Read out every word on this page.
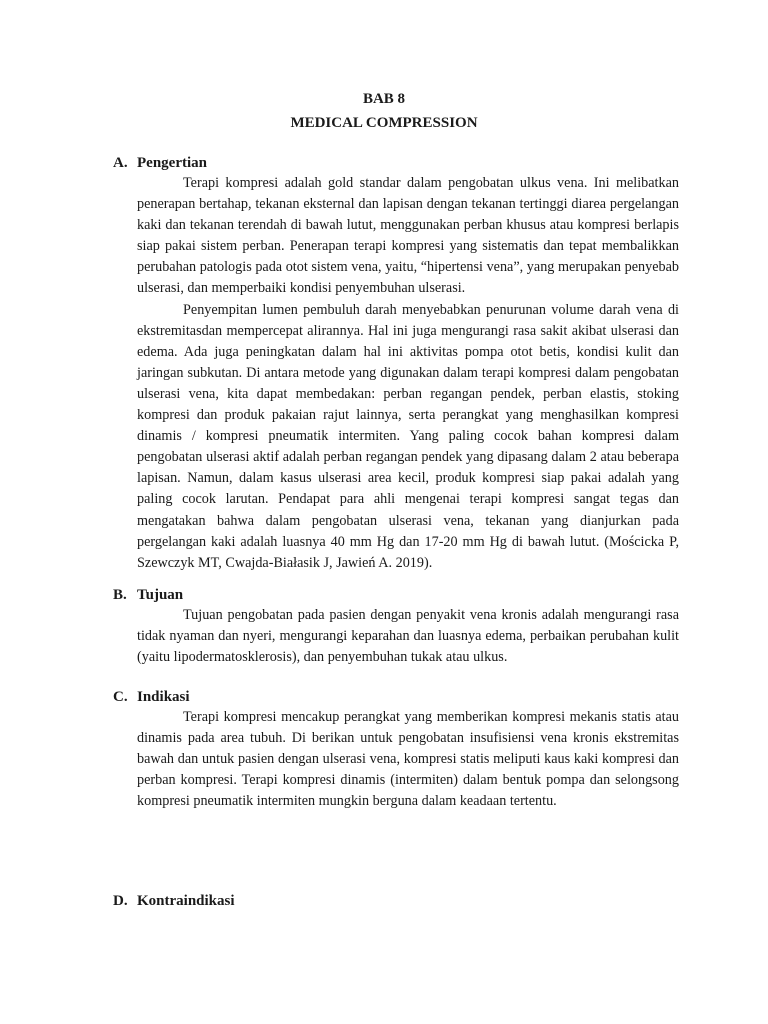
BAB 8
MEDICAL COMPRESSION
A. Pengertian

Terapi kompresi adalah gold standar dalam pengobatan ulkus vena. Ini melibatkan penerapan bertahap, tekanan eksternal dan lapisan dengan tekanan tertinggi diarea pergelangan kaki dan tekanan terendah di bawah lutut, menggunakan perban khusus atau kompresi berlapis siap pakai sistem perban. Penerapan terapi kompresi yang sistematis dan tepat membalikkan perubahan patologis pada otot sistem vena, yaitu, “hipertensi vena”, yang merupakan penyebab ulserasi, dan memperbaiki kondisi penyembuhan ulserasi.

Penyempitan lumen pembuluh darah menyebabkan penurunan volume darah vena di ekstremitasdan mempercepat alirannya. Hal ini juga mengurangi rasa sakit akibat ulserasi dan edema. Ada juga peningkatan dalam hal ini aktivitas pompa otot betis, kondisi kulit dan jaringan subkutan. Di antara metode yang digunakan dalam terapi kompresi dalam pengobatan ulserasi vena, kita dapat membedakan: perban regangan pendek, perban elastis, stoking kompresi dan produk pakaian rajut lainnya, serta perangkat yang menghasilkan kompresi dinamis / kompresi pneumatik intermiten. Yang paling cocok bahan kompresi dalam pengobatan ulserasi aktif adalah perban regangan pendek yang dipasang dalam 2 atau beberapa lapisan. Namun, dalam kasus ulserasi area kecil, produk kompresi siap pakai adalah yang paling cocok larutan. Pendapat para ahli mengenai terapi kompresi sangat tegas dan mengatakan bahwa dalam pengobatan ulserasi vena, tekanan yang dianjurkan pada pergelangan kaki adalah luasnya 40 mm Hg dan 17-20 mm Hg di bawah lutut. (Mościcka P, Szewczyk MT, Cwajda-Białasik J, Jawień A. 2019).

B. Tujuan

Tujuan pengobatan pada pasien dengan penyakit vena kronis adalah mengurangi rasa tidak nyaman dan nyeri, mengurangi keparahan dan luasnya edema, perbaikan perubahan kulit (yaitu lipodermatosklerosis), dan penyembuhan tukak atau ulkus.

C. Indikasi

Terapi kompresi mencakup perangkat yang memberikan kompresi mekanis statis atau dinamis pada area tubuh. Di berikan untuk pengobatan insufisiensi vena kronis ekstremitas bawah dan untuk pasien dengan ulserasi vena, kompresi statis meliputi kaus kaki kompresi dan perban kompresi. Terapi kompresi dinamis (intermiten) dalam bentuk pompa dan selongsong kompresi pneumatik intermiten mungkin berguna dalam keadaan tertentu.

D. Kontraindikasi
